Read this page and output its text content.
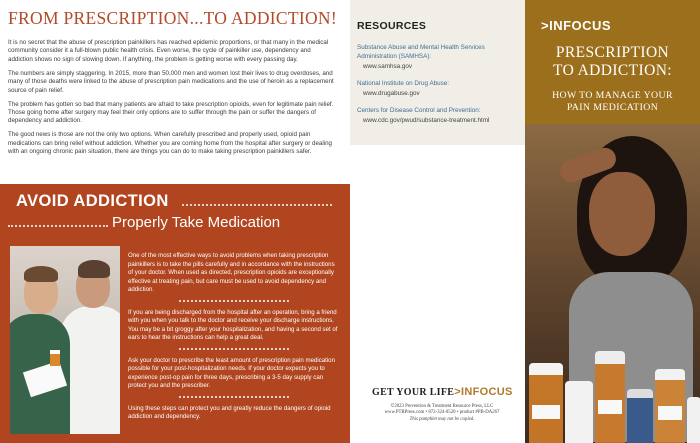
FROM PRESCRIPTION...TO ADDICTION!

It is no secret that the abuse of prescription painkillers has reached epidemic proportions, or that many in the medical community consider it a full-blown public health crisis. Even worse, the cycle of painkiller use, dependency and addiction shows no sign of slowing down. If anything, the problem is getting worse with every passing day.

The numbers are simply staggering. In 2015, more than 50,000 men and women lost their lives to drug overdoses, and many of those deaths were linked to the abuse of prescription pain medications and the use of heroin as a replacement source of pain relief.

The problem has gotten so bad that many patients are afraid to take prescription opioids, even for legitimate pain relief. Those going home after surgery may feel their only options are to suffer through the pain or suffer the dangers of dependency and addiction.

The good news is those are not the only two options. When carefully prescribed and properly used, opioid pain medications can bring relief without addiction. Whether you are coming home from the hospital after surgery or dealing with an ongoing chronic pain situation, there are things you can do to make taking prescription painkillers safer.

AVOID ADDICTION
Properly Take Medication

One of the most effective ways to avoid problems when taking prescription painkillers is to take the pills carefully and in accordance with the instructions of your doctor. When used as directed, prescription opioids are exceptionally effective at treating pain, but care must be used to avoid dependency and addiction.

If you are being discharged from the hospital after an operation, bring a friend with you when you talk to the doctor and receive your discharge instructions. You may be a bit groggy after your hospitalization, and having a second set of ears to hear the instructions can help a great deal.

Ask your doctor to prescribe the least amount of prescription pain medication possible for your post-hospitalization needs. If your doctor expects you to experience post-op pain for three days, prescribing a 3-5 day supply can protect you and the prescriber.

Using these steps can protect you and greatly reduce the dangers of opioid addiction and dependency.

RESOURCES
Substance Abuse and Mental Health Services Administration (SAMHSA):
www.samhsa.gov
National Institute on Drug Abuse:
www.drugabuse.gov
Centers for Disease Control and Prevention:
www.cdc.gov/pwud/substance-treatment.html
GET YOUR LIFE>INFOCUS
©2023 Prevention & Treatment Resource Press, LLC
www.PTRPress.com • 872-324-0520 • product #PB-DA267
This pamphlet may not be copied.
>INFOCUS
PRESCRIPTION
TO ADDICTION:
HOW TO MANAGE YOUR
PAIN MEDICATION
